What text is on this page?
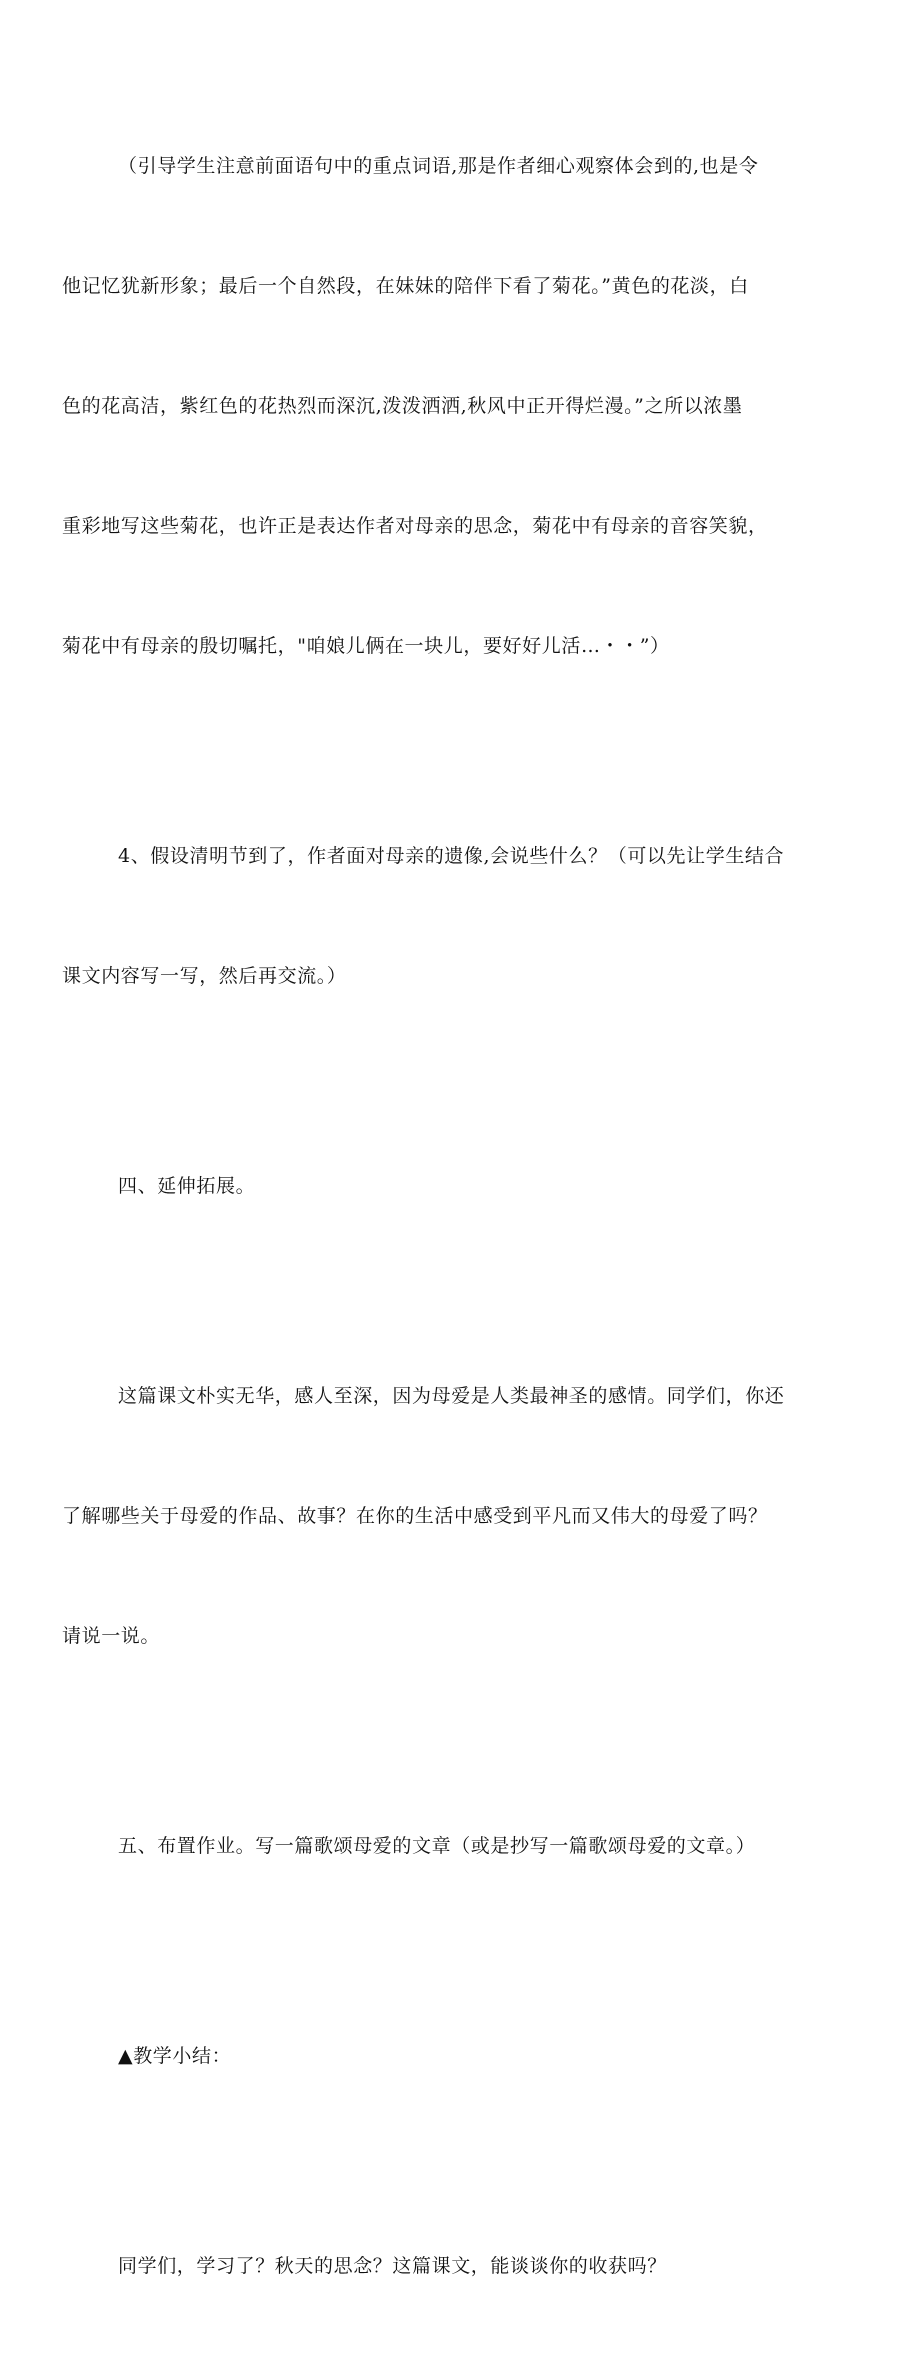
（引导学生注意前面语句中的重点词语,那是作者细心观察体会到的,也是令

他记忆犹新形象；最后一个自然段，在妹妹的陪伴下看了菊花。”黄色的花淡，白

色的花高洁，紫红色的花热烈而深沉,泼泼洒洒,秋风中正开得烂漫。”之所以浓墨

重彩地写这些菊花，也许正是表达作者对母亲的思念，菊花中有母亲的音容笑貌，

菊花中有母亲的殷切嘱托，"咱娘儿俩在一块儿，要好好儿活…・・”）

4、假设清明节到了，作者面对母亲的遗像,会说些什么？（可以先让学生结合

课文内容写一写，然后再交流。）

四、延伸拓展。

这篇课文朴实无华，感人至深，因为母爱是人类最神圣的感情。同学们，你还

了解哪些关于母爱的作品、故事？在你的生活中感受到平凡而又伟大的母爱了吗？

请说一说。

五、布置作业。写一篇歌颂母爱的文章（或是抄写一篇歌颂母爱的文章。）

▲教学小结：

同学们，学习了？秋天的思念？这篇课文，能谈谈你的收获吗？
